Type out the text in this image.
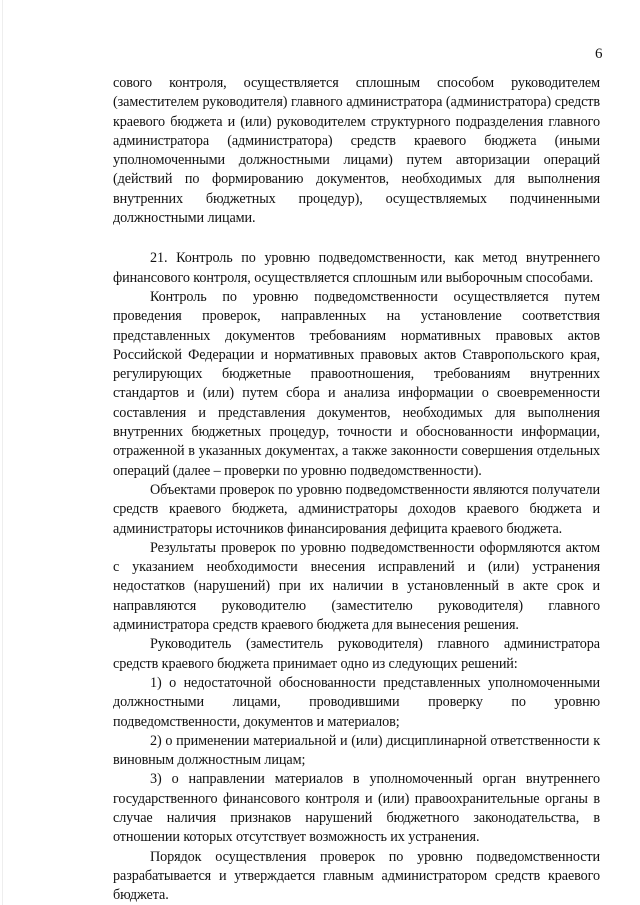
6

сового контроля, осуществляется сплошным способом руководителем (заместителем руководителя) главного администратора (администратора) средств краевого бюджета и (или) руководителем структурного подразделения главного администратора (администратора) средств краевого бюджета (иными уполномоченными должностными лицами) путем авторизации операций (действий по формированию документов, необходимых для выполнения внутренних бюджетных процедур), осуществляемых подчиненными должностными лицами.

21. Контроль по уровню подведомственности, как метод внутреннего финансового контроля, осуществляется сплошным или выборочным способами.

Контроль по уровню подведомственности осуществляется путем проведения проверок, направленных на установление соответствия представленных документов требованиям нормативных правовых актов Российской Федерации и нормативных правовых актов Ставропольского края, регулирующих бюджетные правоотношения, требованиям внутренних стандартов и (или) путем сбора и анализа информации о своевременности составления и представления документов, необходимых для выполнения внутренних бюджетных процедур, точности и обоснованности информации, отраженной в указанных документах, а также законности совершения отдельных операций (далее – проверки по уровню подведомственности).

Объектами проверок по уровню подведомственности являются получатели средств краевого бюджета, администраторы доходов краевого бюджета и администраторы источников финансирования дефицита краевого бюджета.

Результаты проверок по уровню подведомственности оформляются актом с указанием необходимости внесения исправлений и (или) устранения недостатков (нарушений) при их наличии в установленный в акте срок и направляются руководителю (заместителю руководителя) главного администратора средств краевого бюджета для вынесения решения.

Руководитель (заместитель руководителя) главного администратора средств краевого бюджета принимает одно из следующих решений:

1) о недостаточной обоснованности представленных уполномоченными должностными лицами, проводившими проверку по уровню подведомственности, документов и материалов;

2) о применении материальной и (или) дисциплинарной ответственности к виновным должностным лицам;

3) о направлении материалов в уполномоченный орган внутреннего государственного финансового контроля и (или) правоохранительные органы в случае наличия признаков нарушений бюджетного законодательства, в отношении которых отсутствует возможность их устранения.

Порядок осуществления проверок по уровню подведомственности разрабатывается и утверждается главным администратором средств краевого бюджета.
